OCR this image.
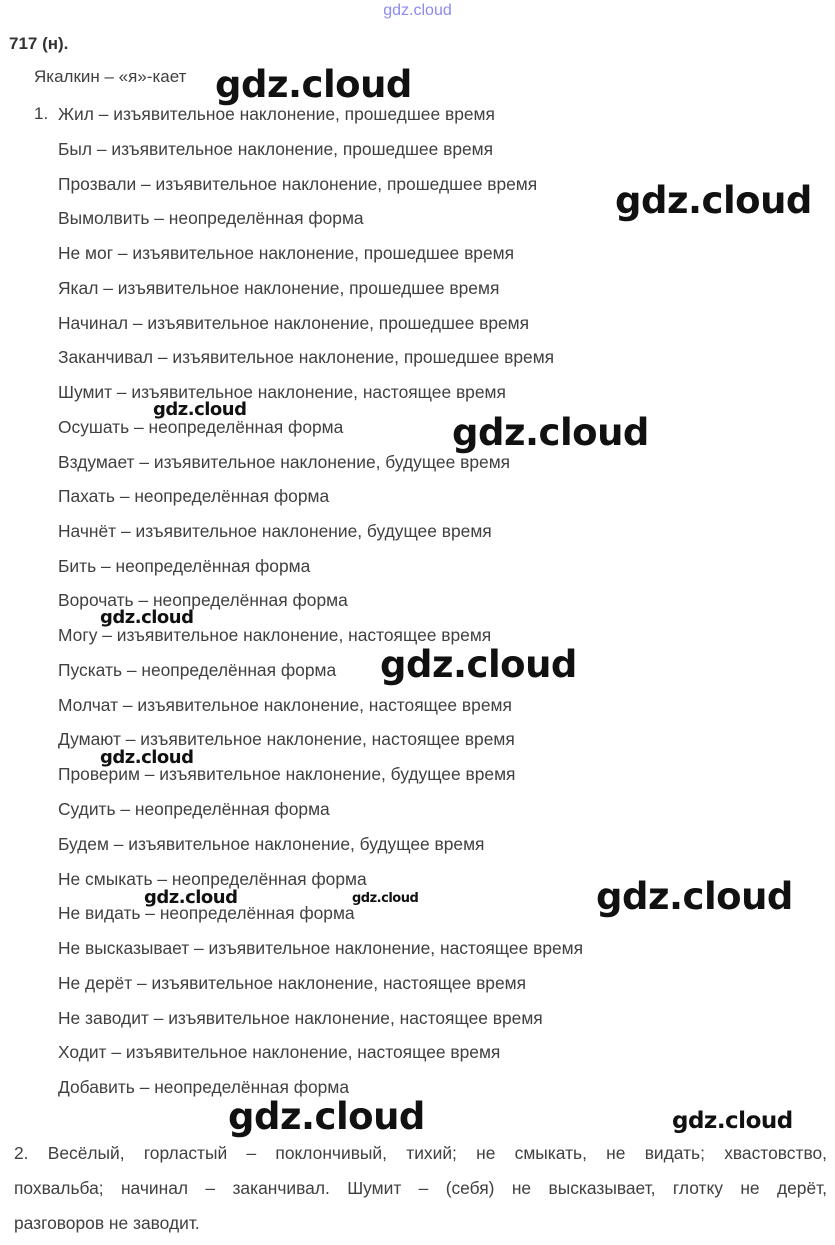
gdz.cloud
717 (н).
Якалкин – «я»-кает
1. Жил – изъявительное наклонение, прошедшее время
Был – изъявительное наклонение, прошедшее время
Прозвали – изъявительное наклонение, прошедшее время
Вымолвить – неопределённая форма
Не мог – изъявительное наклонение, прошедшее время
Якал – изъявительное наклонение, прошедшее время
Начинал – изъявительное наклонение, прошедшее время
Заканчивал – изъявительное наклонение, прошедшее время
Шумит – изъявительное наклонение, настоящее время
Осушать – неопределённая форма
Вздумает – изъявительное наклонение, будущее время
Пахать – неопределённая форма
Начнёт – изъявительное наклонение, будущее время
Бить – неопределённая форма
Ворочать – неопределённая форма
Могу – изъявительное наклонение, настоящее время
Пускать – неопределённая форма
Молчат – изъявительное наклонение, настоящее время
Думают – изъявительное наклонение, настоящее время
Проверим – изъявительное наклонение, будущее время
Судить – неопределённая форма
Будем – изъявительное наклонение, будущее время
Не смыкать – неопределённая форма
Не видать – неопределённая форма
Не высказывает – изъявительное наклонение, настоящее время
Не дерёт – изъявительное наклонение, настоящее время
Не заводит – изъявительное наклонение, настоящее время
Ходит – изъявительное наклонение, настоящее время
Добавить – неопределённая форма
2. Весёлый, горластый – поклончивый, тихий; не смыкать, не видать; хвастовство,
похвальба; начинал – заканчивал. Шумит – (себя) не высказывает, глотку не дерёт,
разговоров не заводит.
gdz.cloud
gdz.cloud
gdz.cloud
gdz.cloud
gdz.cloud
gdz.cloud
gdz.cloud
gdz.cloud	gdz.cloud	gdz.cloud
gdz.cloud	gdz.cloud
